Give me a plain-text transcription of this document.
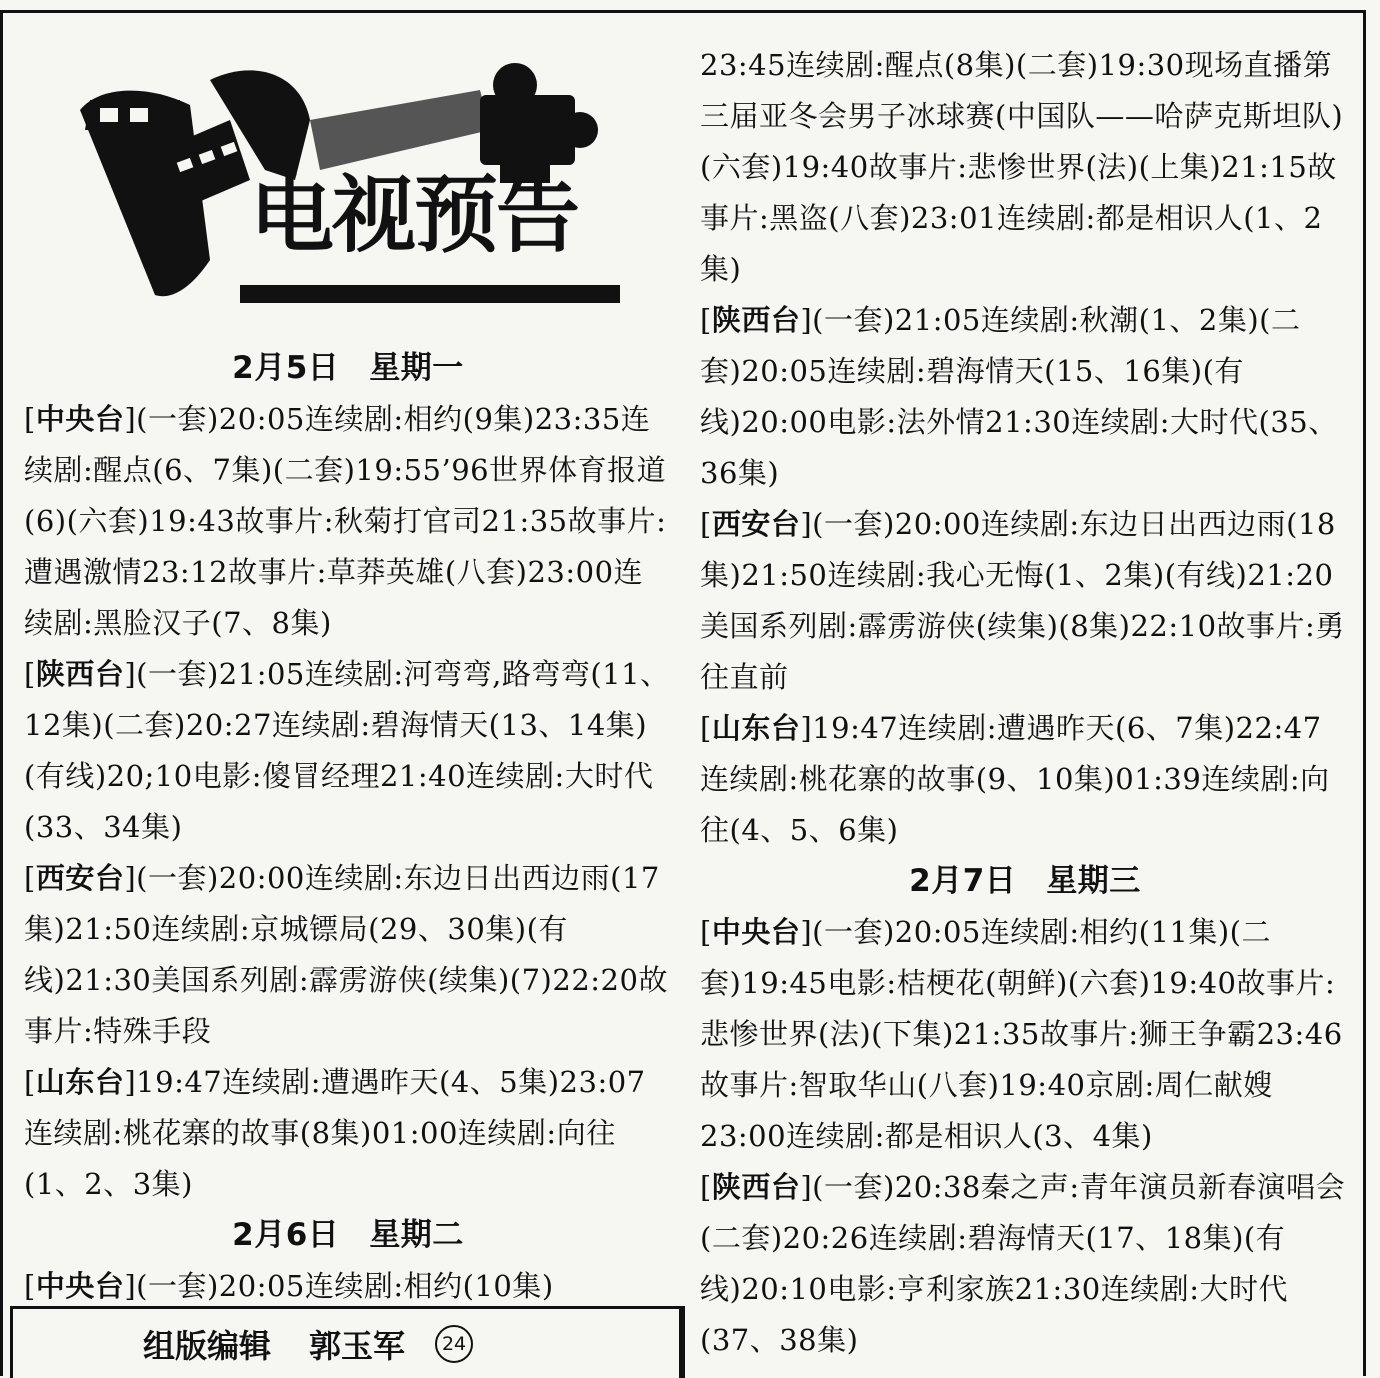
电视预告

2月5日 星期一

[中央台](一套)20:05连续剧:相约(9集)23:35连续剧:醒点(6、7集)(二套)19:55’96世界体育报道(6)(六套)19:43故事片:秋菊打官司21:35故事片:遭遇激情23:12故事片:草莽英雄(八套)23:00连续剧:黑脸汉子(7、8集)

[陕西台](一套)21:05连续剧:河弯弯,路弯弯(11、12集)(二套)20:27连续剧:碧海情天(13、14集)(有线)20;10电影:傻冒经理21:40连续剧:大时代(33、34集)

[西安台](一套)20:00连续剧:东边日出西边雨(17集)21:50连续剧:京城镖局(29、30集)(有线)21:30美国系列剧:霹雳游侠(续集)(7)22:20故事片:特殊手段

[山东台]19:47连续剧:遭遇昨天(4、5集)23:07连续剧:桃花寨的故事(8集)01:00连续剧:向往(1、2、3集)

2月6日 星期二

[中央台](一套)20:05连续剧:相约(10集)

23:45连续剧:醒点(8集)(二套)19:30现场直播第三届亚冬会男子冰球赛(中国队——哈萨克斯坦队)(六套)19:40故事片:悲惨世界(法)(上集)21:15故事片:黑盗(八套)23:01连续剧:都是相识人(1、2集)

[陕西台](一套)21:05连续剧:秋潮(1、2集)(二套)20:05连续剧:碧海情天(15、16集)(有线)20:00电影:法外情21:30连续剧:大时代(35、36集)

[西安台](一套)20:00连续剧:东边日出西边雨(18集)21:50连续剧:我心无悔(1、2集)(有线)21:20美国系列剧:霹雳游侠(续集)(8集)22:10故事片:勇往直前

[山东台]19:47连续剧:遭遇昨天(6、7集)22:47连续剧:桃花寨的故事(9、10集)01:39连续剧:向往(4、5、6集)

2月7日 星期三

[中央台](一套)20:05连续剧:相约(11集)(二套)19:45电影:桔梗花(朝鲜)(六套)19:40故事片:悲惨世界(法)(下集)21:35故事片:狮王争霸23:46故事片:智取华山(八套)19:40京剧:周仁献嫂23:00连续剧:都是相识人(3、4集)

[陕西台](一套)20:38秦之声:青年演员新春演唱会(二套)20:26连续剧:碧海情天(17、18集)(有线)20:10电影:亨利家族21:30连续剧:大时代(37、38集)

组版编辑 郭玉军	24
